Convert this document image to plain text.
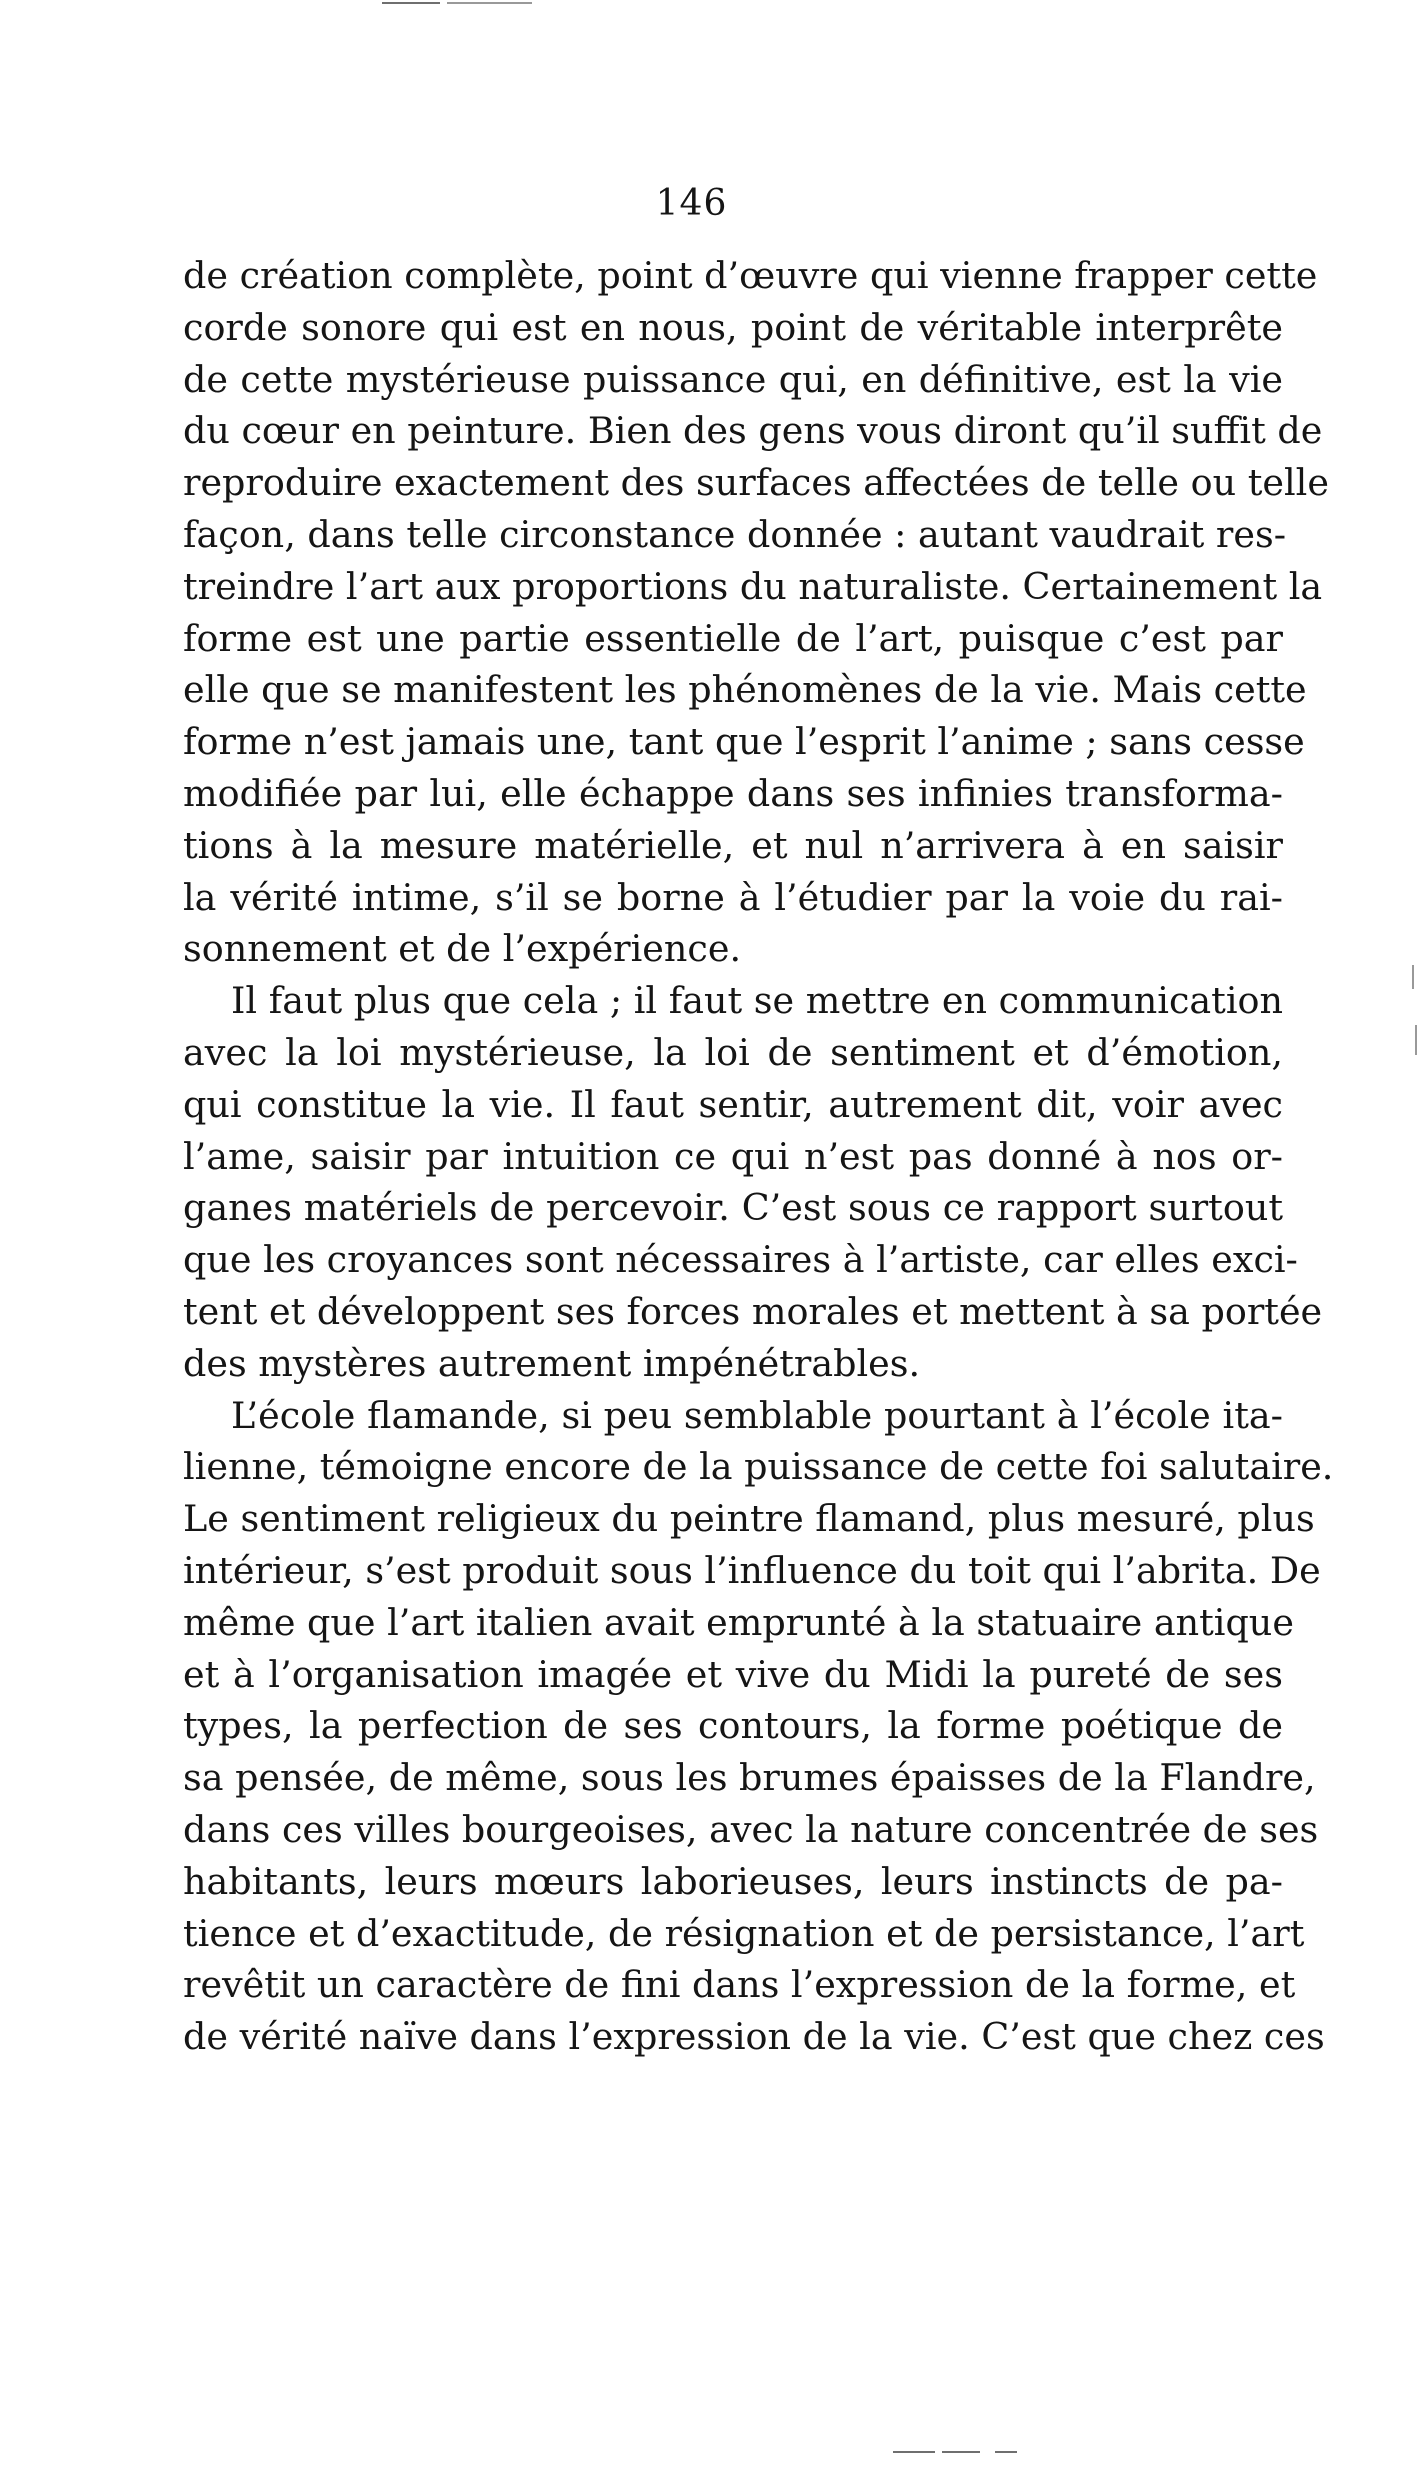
146
de création complète, point d’œuvre qui vienne frapper cette
corde sonore qui est en nous, point de véritable interprête
de cette mystérieuse puissance qui, en définitive, est la vie
du cœur en peinture. Bien des gens vous diront qu’il suffit de
reproduire exactement des surfaces affectées de telle ou telle
façon, dans telle circonstance donnée : autant vaudrait res-
treindre l’art aux proportions du naturaliste. Certainement la
forme est une partie essentielle de l’art, puisque c’est par
elle que se manifestent les phénomènes de la vie. Mais cette
forme n’est jamais une, tant que l’esprit l’anime ; sans cesse
modifiée par lui, elle échappe dans ses infinies transforma-
tions à la mesure matérielle, et nul n’arrivera à en saisir
la vérité intime, s’il se borne à l’étudier par la voie du rai-
sonnement et de l’expérience.
Il faut plus que cela ; il faut se mettre en communication
avec la loi mystérieuse, la loi de sentiment et d’émotion,
qui constitue la vie. Il faut sentir, autrement dit, voir avec
l’ame, saisir par intuition ce qui n’est pas donné à nos or-
ganes matériels de percevoir. C’est sous ce rapport surtout
que les croyances sont nécessaires à l’artiste, car elles exci-
tent et développent ses forces morales et mettent à sa portée
des mystères autrement impénétrables.
L’école flamande, si peu semblable pourtant à l’école ita-
lienne, témoigne encore de la puissance de cette foi salutaire.
Le sentiment religieux du peintre flamand, plus mesuré, plus
intérieur, s’est produit sous l’influence du toit qui l’abrita. De
même que l’art italien avait emprunté à la statuaire antique
et à l’organisation imagée et vive du Midi la pureté de ses
types, la perfection de ses contours, la forme poétique de
sa pensée, de même, sous les brumes épaisses de la Flandre,
dans ces villes bourgeoises, avec la nature concentrée de ses
habitants, leurs mœurs laborieuses, leurs instincts de pa-
tience et d’exactitude, de résignation et de persistance, l’art
revêtit un caractère de fini dans l’expression de la forme, et
de vérité naïve dans l’expression de la vie. C’est que chez ces
